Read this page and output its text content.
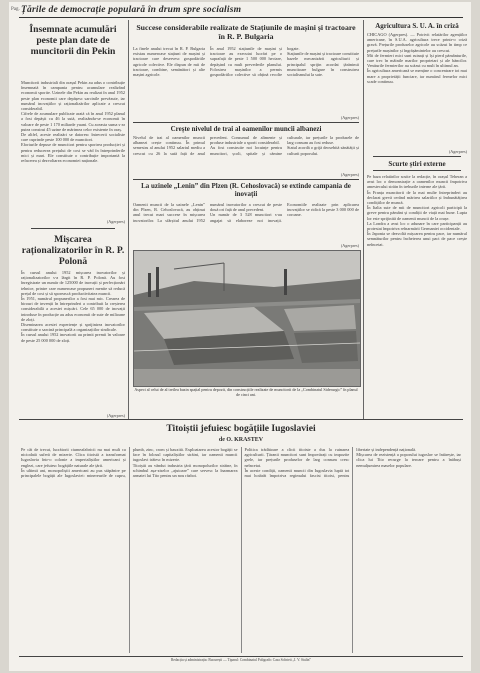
Pag. Țările de democrație populară în drum spre socialism
Însemnate acumulări peste plan date de muncitorii din Pekin
Muncitorii industriali din orașul Pekin au adus o contribuție însemnată în campania pentru acumulare realizând economii sporite. Uzinele din Pekin au realizat în anul 1952 peste plan economii care depășesc sarcinile prevăzute, iar numărul inovațiilor și raționalizărilor aplicate a crescut considerabil.
Cifrele de acumulare publicate arată că în anul 1952 planul a fost depășit cu 46 la sută, realizându-se economii în valoare de peste 1 170 miliarde yuani. Cu aceasta suma s-ar putea construi 45 uzine de mărimea celor existente în oraș.
De altfel, aceste realizări se datoresc întrecerii socialiste care cuprinde peste 100 000 de muncitori.
Eforturile depuse de muncitori pentru sporirea producției și pentru reducerea prețului de cost se văd în întreprinderile mici și mari. Ele constituie o contribuție importantă la refacerea și dezvoltarea economiei naționale.
(Agerpres)
Mișcarea raționalizatorilor în R. P. Polonă
În cursul anului 1952 mișcarea inovatorilor și raționalizatorilor s-a lărgit în R. P. Polonă. Au fost înregistrate un număr de 125000 de inovații și perfecționări tehnice, printre care numeroase propuneri menite să reducă prețul de cost și să sporească productivitatea muncii.
În 1951, numărul propunerilor a fost mai mic. Crearea de birouri de invenții în întreprinderi a contribuit la creșterea considerabilă a acestei mișcări. Cele 65 000 de inovații introduse în producție au adus economii de sute de milioane de zloți.
Diseminarea acestei experiențe și sprijinirea inovatorilor constituie o sarcină principală a organizațiilor sindicale.
În cursul anului 1952 inovatorii au primit premii în valoare de peste 25 000 000 de zloți.
(Agerpres)
Succese considerabile realizate de Stațiunile de mașini și tractoare în R. P. Bulgaria
La finele anului trecut în R. P. Bulgaria existau numeroase stațiuni de mașini și tractoare care deservesc gospodăriile agricole colective. Ele dispun de mii de tractoare, combine, semănători și alte mașini agricole.
În anul 1952 stațiunile de mașini și tractoare au executat lucrări pe o suprafață de peste 1 500 000 hectare, depășind cu mult prevederile planului. Folosirea mașinilor a permis gospodăriilor colective să obțină recolte bogate.
Stațiunile de mașini și tractoare constituie bazele mecanizării agriculturii și principalul sprijin acordat țărănimii muncitoare bulgare în construirea socialismului la sate.
(Agerpres)
Crește nivelul de trai al oamenilor muncii albanezi
Nivelul de trai al oamenilor muncii albanezi crește continuu. În primul semestru al anului 1952 salariul mediu a crescut cu 26 la sută față de anul precedent. Consumul de alimente și produse industriale a sporit considerabil.
Au fost construite noi locuințe pentru muncitori, școli, spitale și cămine culturale, iar prețurile la produsele de larg consum au fost reduse.
Statul acordă o grijă deosebită sănătății și culturii poporului.
(Agerpres)
La uzinele „Lenin” din Plzen (R. Cehoslovacă) se extinde campania de inovații
Oamenii muncii de la uzinele „Lenin” din Plzen, R. Cehoslovacă, au obținut anul trecut mari succese în mișcarea inovatorilor. La sfârșitul anului 1952 numărul inovatorilor a crescut de peste două ori față de anul precedent.
Un număr de 3 528 muncitori s-au angajat să elaboreze noi inovații. Economiile realizate prin aplicarea inovațiilor se ridică la peste 3 000 000 de coroane.
(Agerpres)
Aspect al celui de al treilea bazin spațial pentru depozit, din construcțiile realizate de muncitorii de la „Combinatul Siderurgic” în planul de cinci ani.
Agricultura S. U. A. în criză
CHICAGO (Agerpres). — Potrivit relatărilor agențiilor americane, în S.U.A. agricultura trece printr-o criză gravă. Prețurile produselor agricole au scăzut în timp ce prețurile mașinilor și îngrășămintelor au crescut.
Mii de fermieri mici sunt ruinați și își pierd pământurile, care trec în mâinile marilor proprietari și ale băncilor. Veniturile fermierilor au scăzut cu mult în ultimul an.
În agricultura americană se menține o concentrare tot mai mare a proprietății funciare, iar numărul fermelor mici scade continuu.
(Agerpres)
Scurte știri externe
Pe baza relatărilor sosite la redacție, în orașul Teheran a avut loc o demonstrație a oamenilor muncii împotriva amestecului străin în treburile interne ale țării.
În Franța muncitorii de la mai multe întreprinderi au declarat grevă cerând mărirea salariilor și îmbunătățirea condițiilor de muncă.
În Italia sute de mii de muncitori agricoli participă la greve pentru pământ și condiții de viață mai bune. Lupta lor este sprijinită de oamenii muncii de la orașe.
La Londra a avut loc o adunare în care participanții au protestat împotriva reînarmării Germaniei occidentale.
În Japonia se dezvoltă mișcarea pentru pace, iar numărul semnăturilor pentru încheierea unui pact de pace crește neîncetat.
Titoiștii jefuiesc bogățiile Iugoslaviei
de O. KRASTEV
Pe cât de trecut, lucrătorii ciumeafabricii nu mai mult ca niciodată suferă de mizerie. Clica titoistă a transformat Iugoslavia într-o colonie a imperialiștilor americani și englezi, care jefuiesc bogățiile naturale ale țării.
În ultimii ani, monopoliștii americani au pus stăpânire pe principalele bogății ale Iugoslaviei: minereurile de cupru, plumb, zinc, crom și bauxită. Exploatarea acestor bogății se face în folosul capitaliștilor străini, iar oamenii muncii iugoslavi trăiesc în mizerie.
Titoiștii au vândut industria țării monopolurilor străine, în schimbul așa-ziselor „ajutoare” care servesc la înarmarea armatei lui Tito pentru un nou război.
Politica trădătoare a clicii titoiste a dus la ruinarea agriculturii. Țăranii muncitori sunt împovărați cu impozite grele, iar prețurile produselor de larg consum cresc neîncetat.
În aceste condiții, oamenii muncii din Iugoslavia luptă tot mai hotărât împotriva regimului fascist titoist, pentru libertate și independență națională.
Mișcarea de rezistență a poporului iugoslav se întărește, iar clica lui Tito recurge la teroare pentru a înăbuși nemulțumirea maselor populare.
Redacția și administrația: București — Tiparul: Combinatul Poligrafic Casa Scînteii „I. V. Stalin”
